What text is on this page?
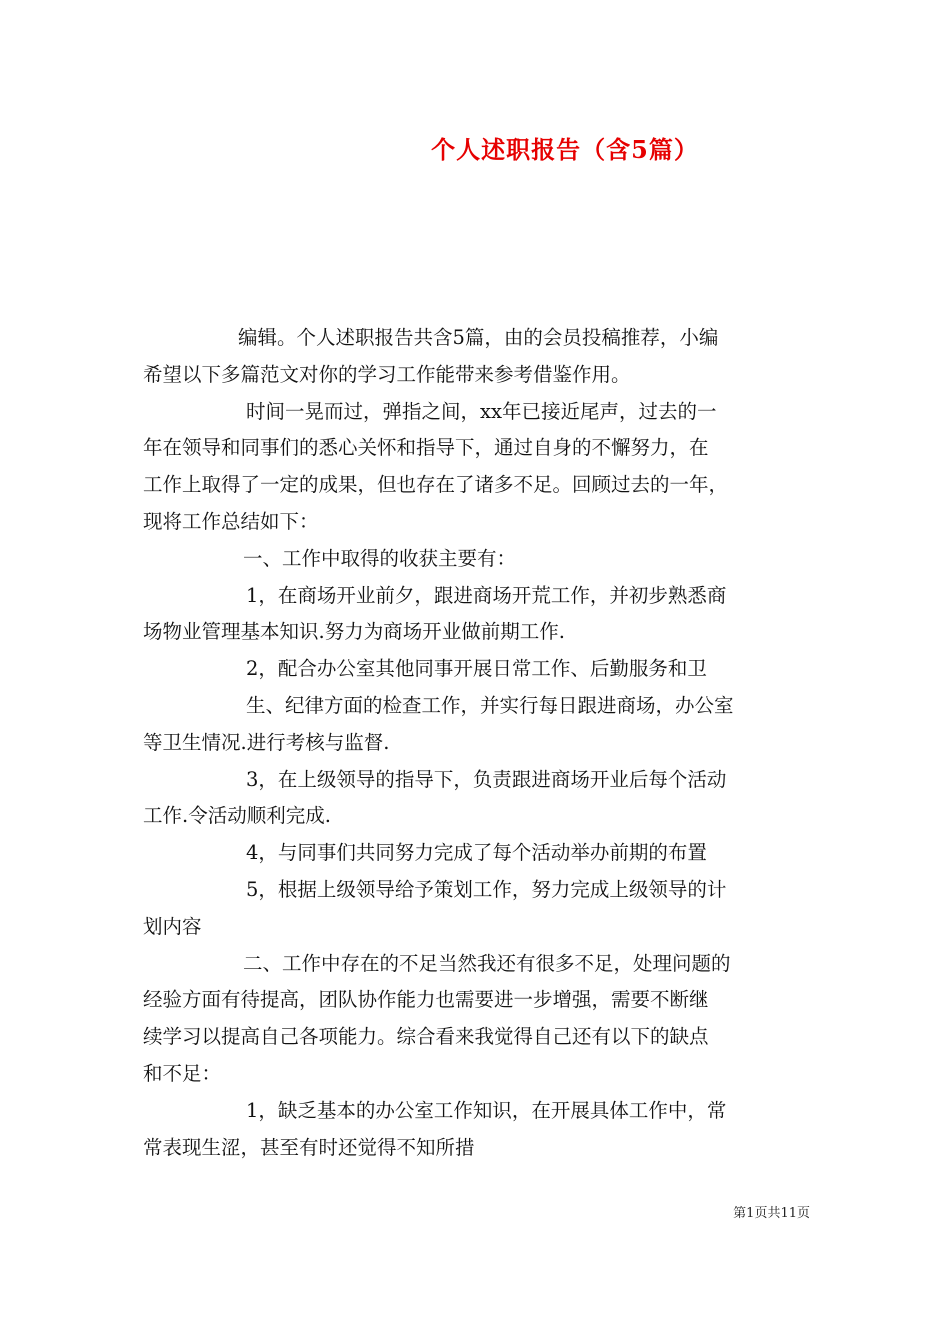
个人述职报告（含5篇）
编辑。个人述职报告共含5篇，由的会员投稿推荐，小编
希望以下多篇范文对你的学习工作能带来参考借鉴作用。
时间一晃而过，弹指之间，xx年已接近尾声，过去的一
年在领导和同事们的悉心关怀和指导下，通过自身的不懈努力，在
工作上取得了一定的成果，但也存在了诸多不足。回顾过去的一年，
现将工作总结如下：
一、工作中取得的收获主要有：
1，在商场开业前夕，跟进商场开荒工作，并初步熟悉商
场物业管理基本知识.努力为商场开业做前期工作.
2，配合办公室其他同事开展日常工作、后勤服务和卫
生、纪律方面的检查工作，并实行每日跟进商场，办公室
等卫生情况.进行考核与监督.
3，在上级领导的指导下，负责跟进商场开业后每个活动
工作.令活动顺利完成.
4，与同事们共同努力完成了每个活动举办前期的布置
5，根据上级领导给予策划工作，努力完成上级领导的计
划内容
二、工作中存在的不足当然我还有很多不足，处理问题的
经验方面有待提高，团队协作能力也需要进一步增强，需要不断继
续学习以提高自己各项能力。综合看来我觉得自己还有以下的缺点
和不足：
1，缺乏基本的办公室工作知识，在开展具体工作中，常
常表现生涩，甚至有时还觉得不知所措
第1页共11页
